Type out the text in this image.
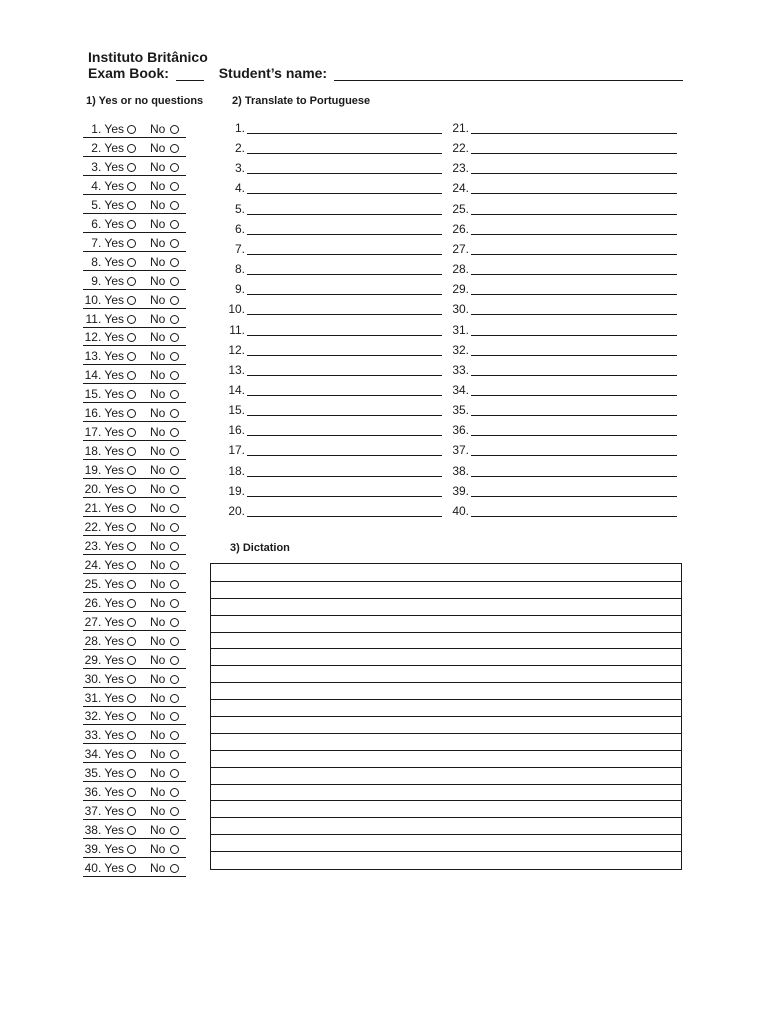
Instituto Britânico
Exam Book:	Student’s name:
1) Yes or no questions	2) Translate to Portuguese
3) Dictation
1. Yes No
2. Yes No
3. Yes No
4. Yes No
5. Yes No
6. Yes No
7. Yes No
8. Yes No
9. Yes No
10. Yes No
11. Yes No
12. Yes No
13. Yes No
14. Yes No
15. Yes No
16. Yes No
17. Yes No
18. Yes No
19. Yes No
20. Yes No
21. Yes No
22. Yes No
23. Yes No
24. Yes No
25. Yes No
26. Yes No
27. Yes No
28. Yes No
29. Yes No
30. Yes No
31. Yes No
32. Yes No
33. Yes No
34. Yes No
35. Yes No
36. Yes No
37. Yes No
38. Yes No
39. Yes No
40. Yes No
1.
2.
3.
4.
5.
6.
7.
8.
9.
10.
11.
12.
13.
14.
15.
16.
17.
18.
19.
20.
21.
22.
23.
24.
25.
26.
27.
28.
29.
30.
31.
32.
33.
34.
35.
36.
37.
38.
39.
40.
